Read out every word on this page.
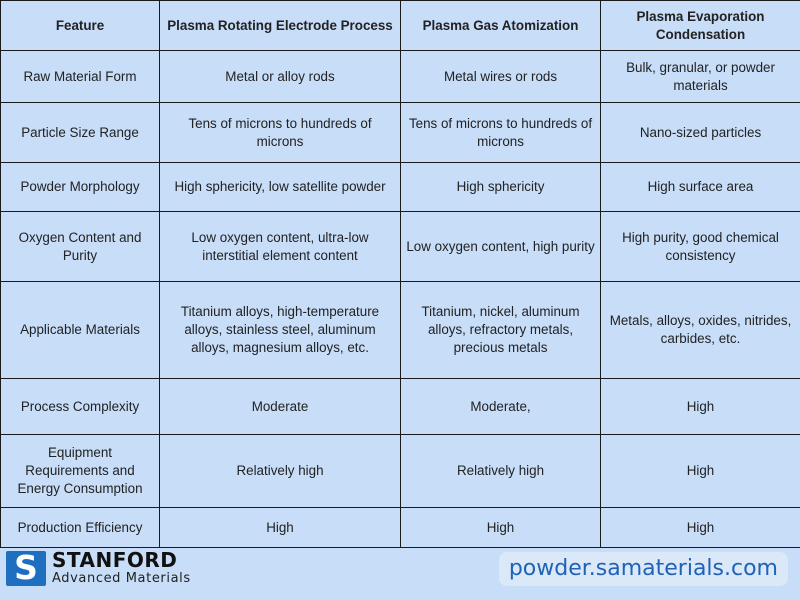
Feature	Plasma Rotating Electrode Process	Plasma Gas Atomization	Plasma Evaporation Condensation
Raw Material Form	Metal or alloy rods	Metal wires or rods	Bulk, granular, or powder materials
Particle Size Range	Tens of microns to hundreds of microns	Tens of microns to hundreds of microns	Nano-sized particles
Powder Morphology	High sphericity, low satellite powder	High sphericity	High surface area
Oxygen Content and Purity	Low oxygen content, ultra-low interstitial element content	Low oxygen content, high purity	High purity, good chemical consistency
Applicable Materials	Titanium alloys, high-temperature alloys, stainless steel, aluminum alloys, magnesium alloys, etc.	Titanium, nickel, aluminum alloys, refractory metals, precious metals	Metals, alloys, oxides, nitrides, carbides, etc.
Process Complexity	Moderate	Moderate,	High
Equipment Requirements and Energy Consumption	Relatively high	Relatively high	High
Production Efficiency	High	High	High
S STANFORD
Advanced Materials	powder.samaterials.com
